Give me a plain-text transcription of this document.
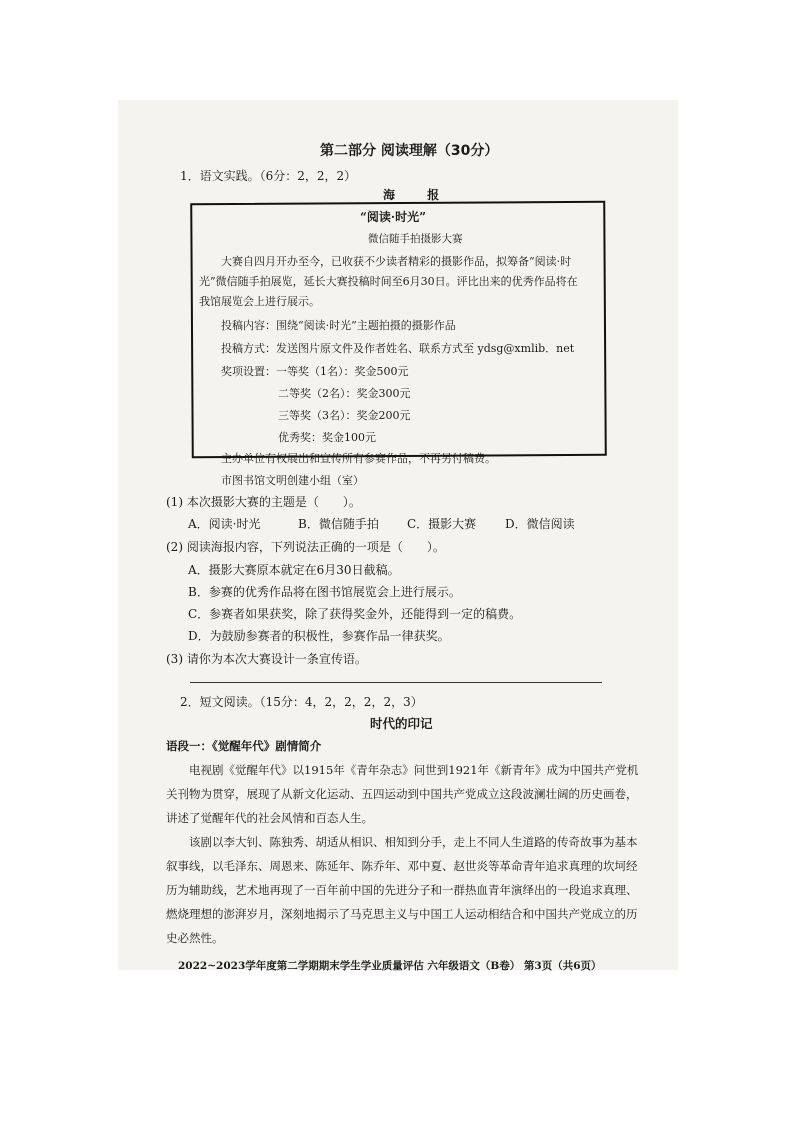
第二部分 阅读理解（30分）
1．语文实践。（6分：2，2，2）
海 报
“阅读·时光”
微信随手拍摄影大赛
大赛自四月开办至今，已收获不少读者精彩的摄影作品，拟筹备“阅读·时
光”微信随手拍展览，延长大赛投稿时间至6月30日。评比出来的优秀作品将在
我馆展览会上进行展示。
投稿内容：围绕“阅读·时光”主题拍摄的摄影作品
投稿方式：发送图片原文件及作者姓名、联系方式至 ydsg@xmlib．net
奖项设置：一等奖（1名）：奖金500元
二等奖（2名）：奖金300元
三等奖（3名）：奖金200元
优秀奖：奖金100元
主办单位有权展出和宣传所有参赛作品，不再另付稿费。
市图书馆文明创建小组（室）
(1) 本次摄影大赛的主题是（　　）。
A．阅读·时光	B．微信随手拍 C．摄影大赛 D．微信阅读
(2) 阅读海报内容，下列说法正确的一项是（　　）。
A．摄影大赛原本就定在6月30日截稿。
B．参赛的优秀作品将在图书馆展览会上进行展示。
C．参赛者如果获奖，除了获得奖金外，还能得到一定的稿费。
D．为鼓励参赛者的积极性，参赛作品一律获奖。
(3) 请你为本次大赛设计一条宣传语。
2．短文阅读。（15分：4，2，2，2，2，3）
时代的印记
语段一：《觉醒年代》剧情简介
电视剧《觉醒年代》以1915年《青年杂志》问世到1921年《新青年》成为中国共产党机
关刊物为贯穿，展现了从新文化运动、五四运动到中国共产党成立这段波澜壮阔的历史画卷，
讲述了觉醒年代的社会风情和百态人生。
该剧以李大钊、陈独秀、胡适从相识、相知到分手，走上不同人生道路的传奇故事为基本
叙事线，以毛泽东、周恩来、陈延年、陈乔年、邓中夏、赵世炎等革命青年追求真理的坎坷经
历为辅助线，艺术地再现了一百年前中国的先进分子和一群热血青年演绎出的一段追求真理、
燃烧理想的澎湃岁月，深刻地揭示了马克思主义与中国工人运动相结合和中国共产党成立的历
史必然性。
2022~2023学年度第二学期期末学生学业质量评估 六年级语文（B卷） 第3页（共6页）
